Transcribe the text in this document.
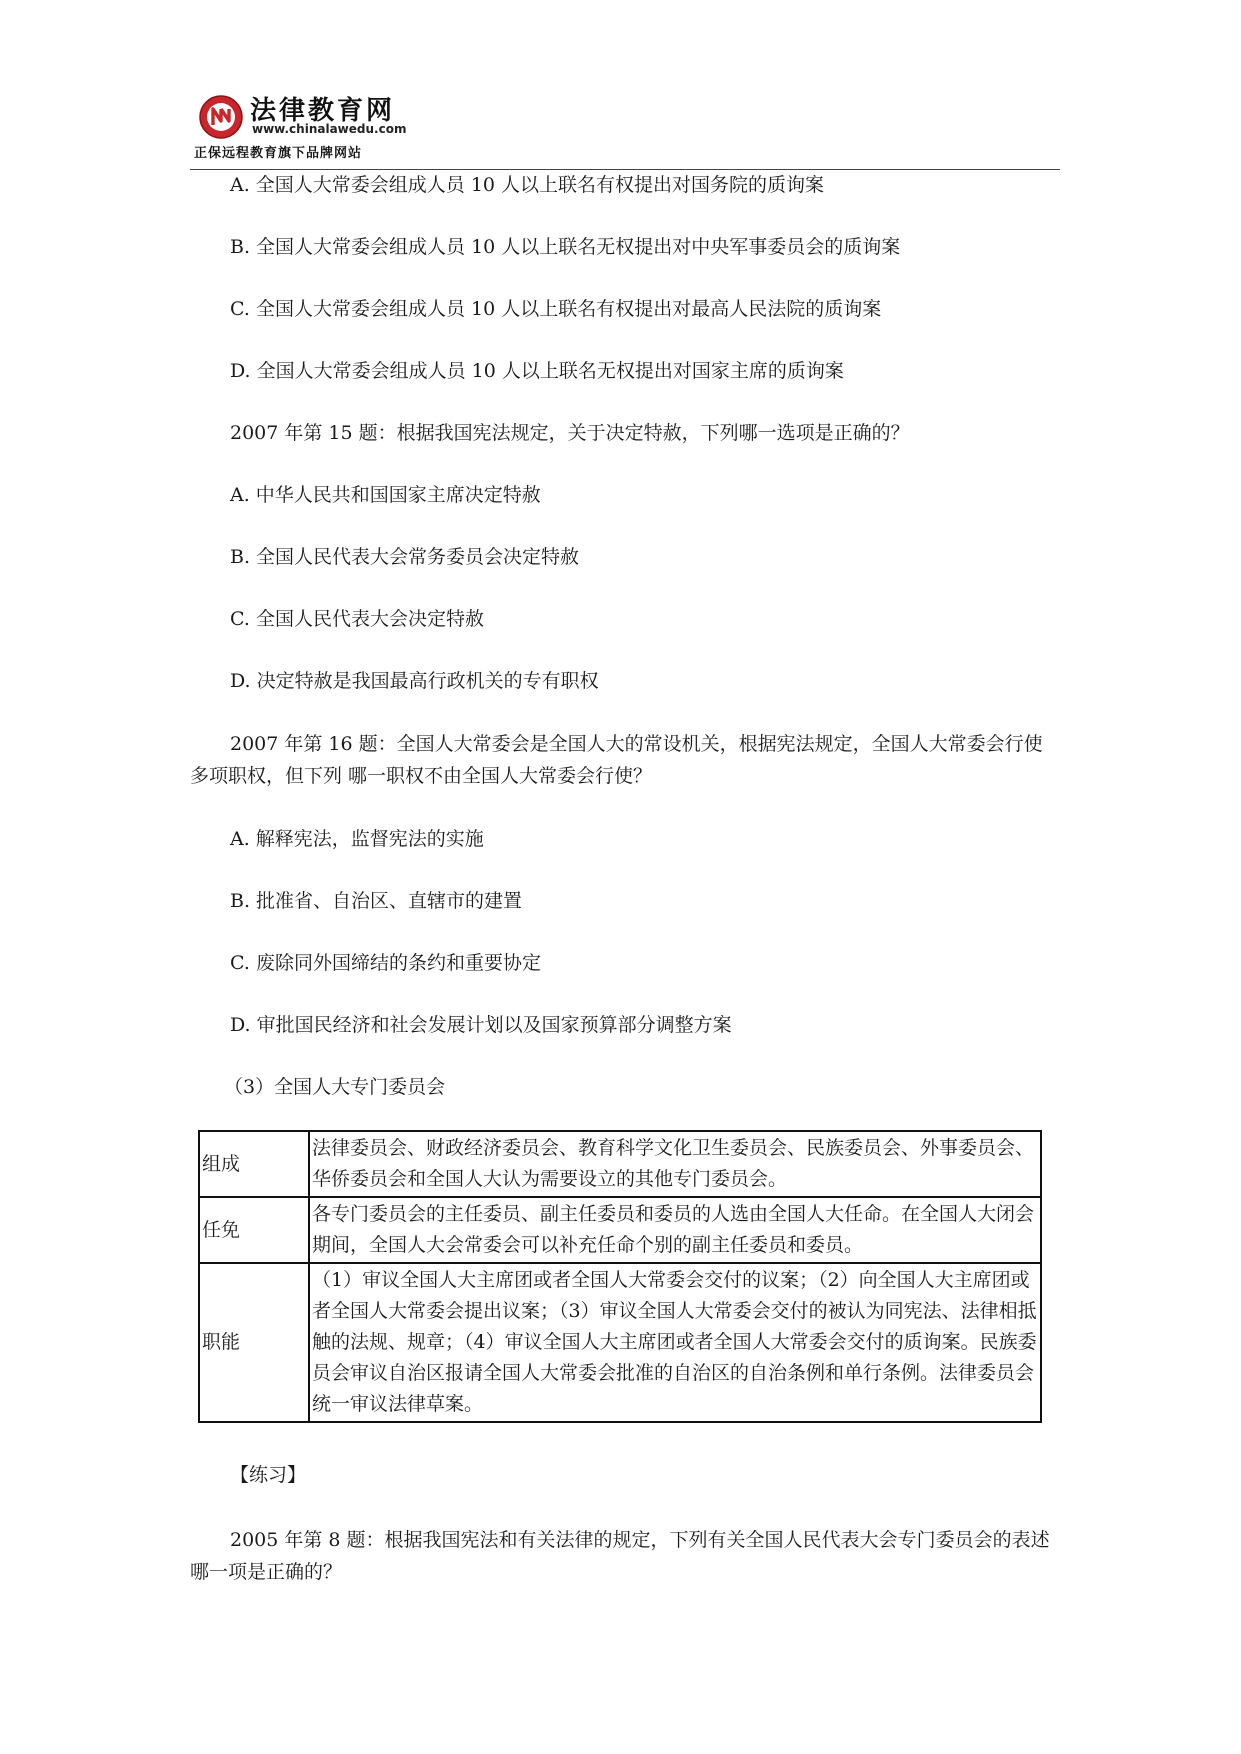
法律教育网
www.chinalawedu.com
正保远程教育旗下品牌网站
A. 全国人大常委会组成人员 10 人以上联名有权提出对国务院的质询案
B. 全国人大常委会组成人员 10 人以上联名无权提出对中央军事委员会的质询案
C. 全国人大常委会组成人员 10 人以上联名有权提出对最高人民法院的质询案
D. 全国人大常委会组成人员 10 人以上联名无权提出对国家主席的质询案
2007 年第 15 题：根据我国宪法规定，关于决定特赦，下列哪一选项是正确的？
A. 中华人民共和国国家主席决定特赦
B. 全国人民代表大会常务委员会决定特赦
C. 全国人民代表大会决定特赦
D. 决定特赦是我国最高行政机关的专有职权
2007 年第 16 题：全国人大常委会是全国人大的常设机关，根据宪法规定，全国人大常委会行使多项职权，但下列 哪一职权不由全国人大常委会行使？
A. 解释宪法，监督宪法的实施
B. 批准省、自治区、直辖市的建置
C. 废除同外国缔结的条约和重要协定
D. 审批国民经济和社会发展计划以及国家预算部分调整方案
（3）全国人大专门委员会
组成	法律委员会、财政经济委员会、教育科学文化卫生委员会、民族委员会、外事委员会、华侨委员会和全国人大认为需要设立的其他专门委员会。
任免	各专门委员会的主任委员、副主任委员和委员的人选由全国人大任命。在全国人大闭会期间，全国人大会常委会可以补充任命个别的副主任委员和委员。
职能	（1）审议全国人大主席团或者全国人大常委会交付的议案；（2）向全国人大主席团或者全国人大常委会提出议案；（3）审议全国人大常委会交付的被认为同宪法、法律相抵触的法规、规章；（4）审议全国人大主席团或者全国人大常委会交付的质询案。民族委员会审议自治区报请全国人大常委会批准的自治区的自治条例和单行条例。法律委员会统一审议法律草案。
【练习】
2005 年第 8 题：根据我国宪法和有关法律的规定，下列有关全国人民代表大会专门委员会的表述哪一项是正确的？
